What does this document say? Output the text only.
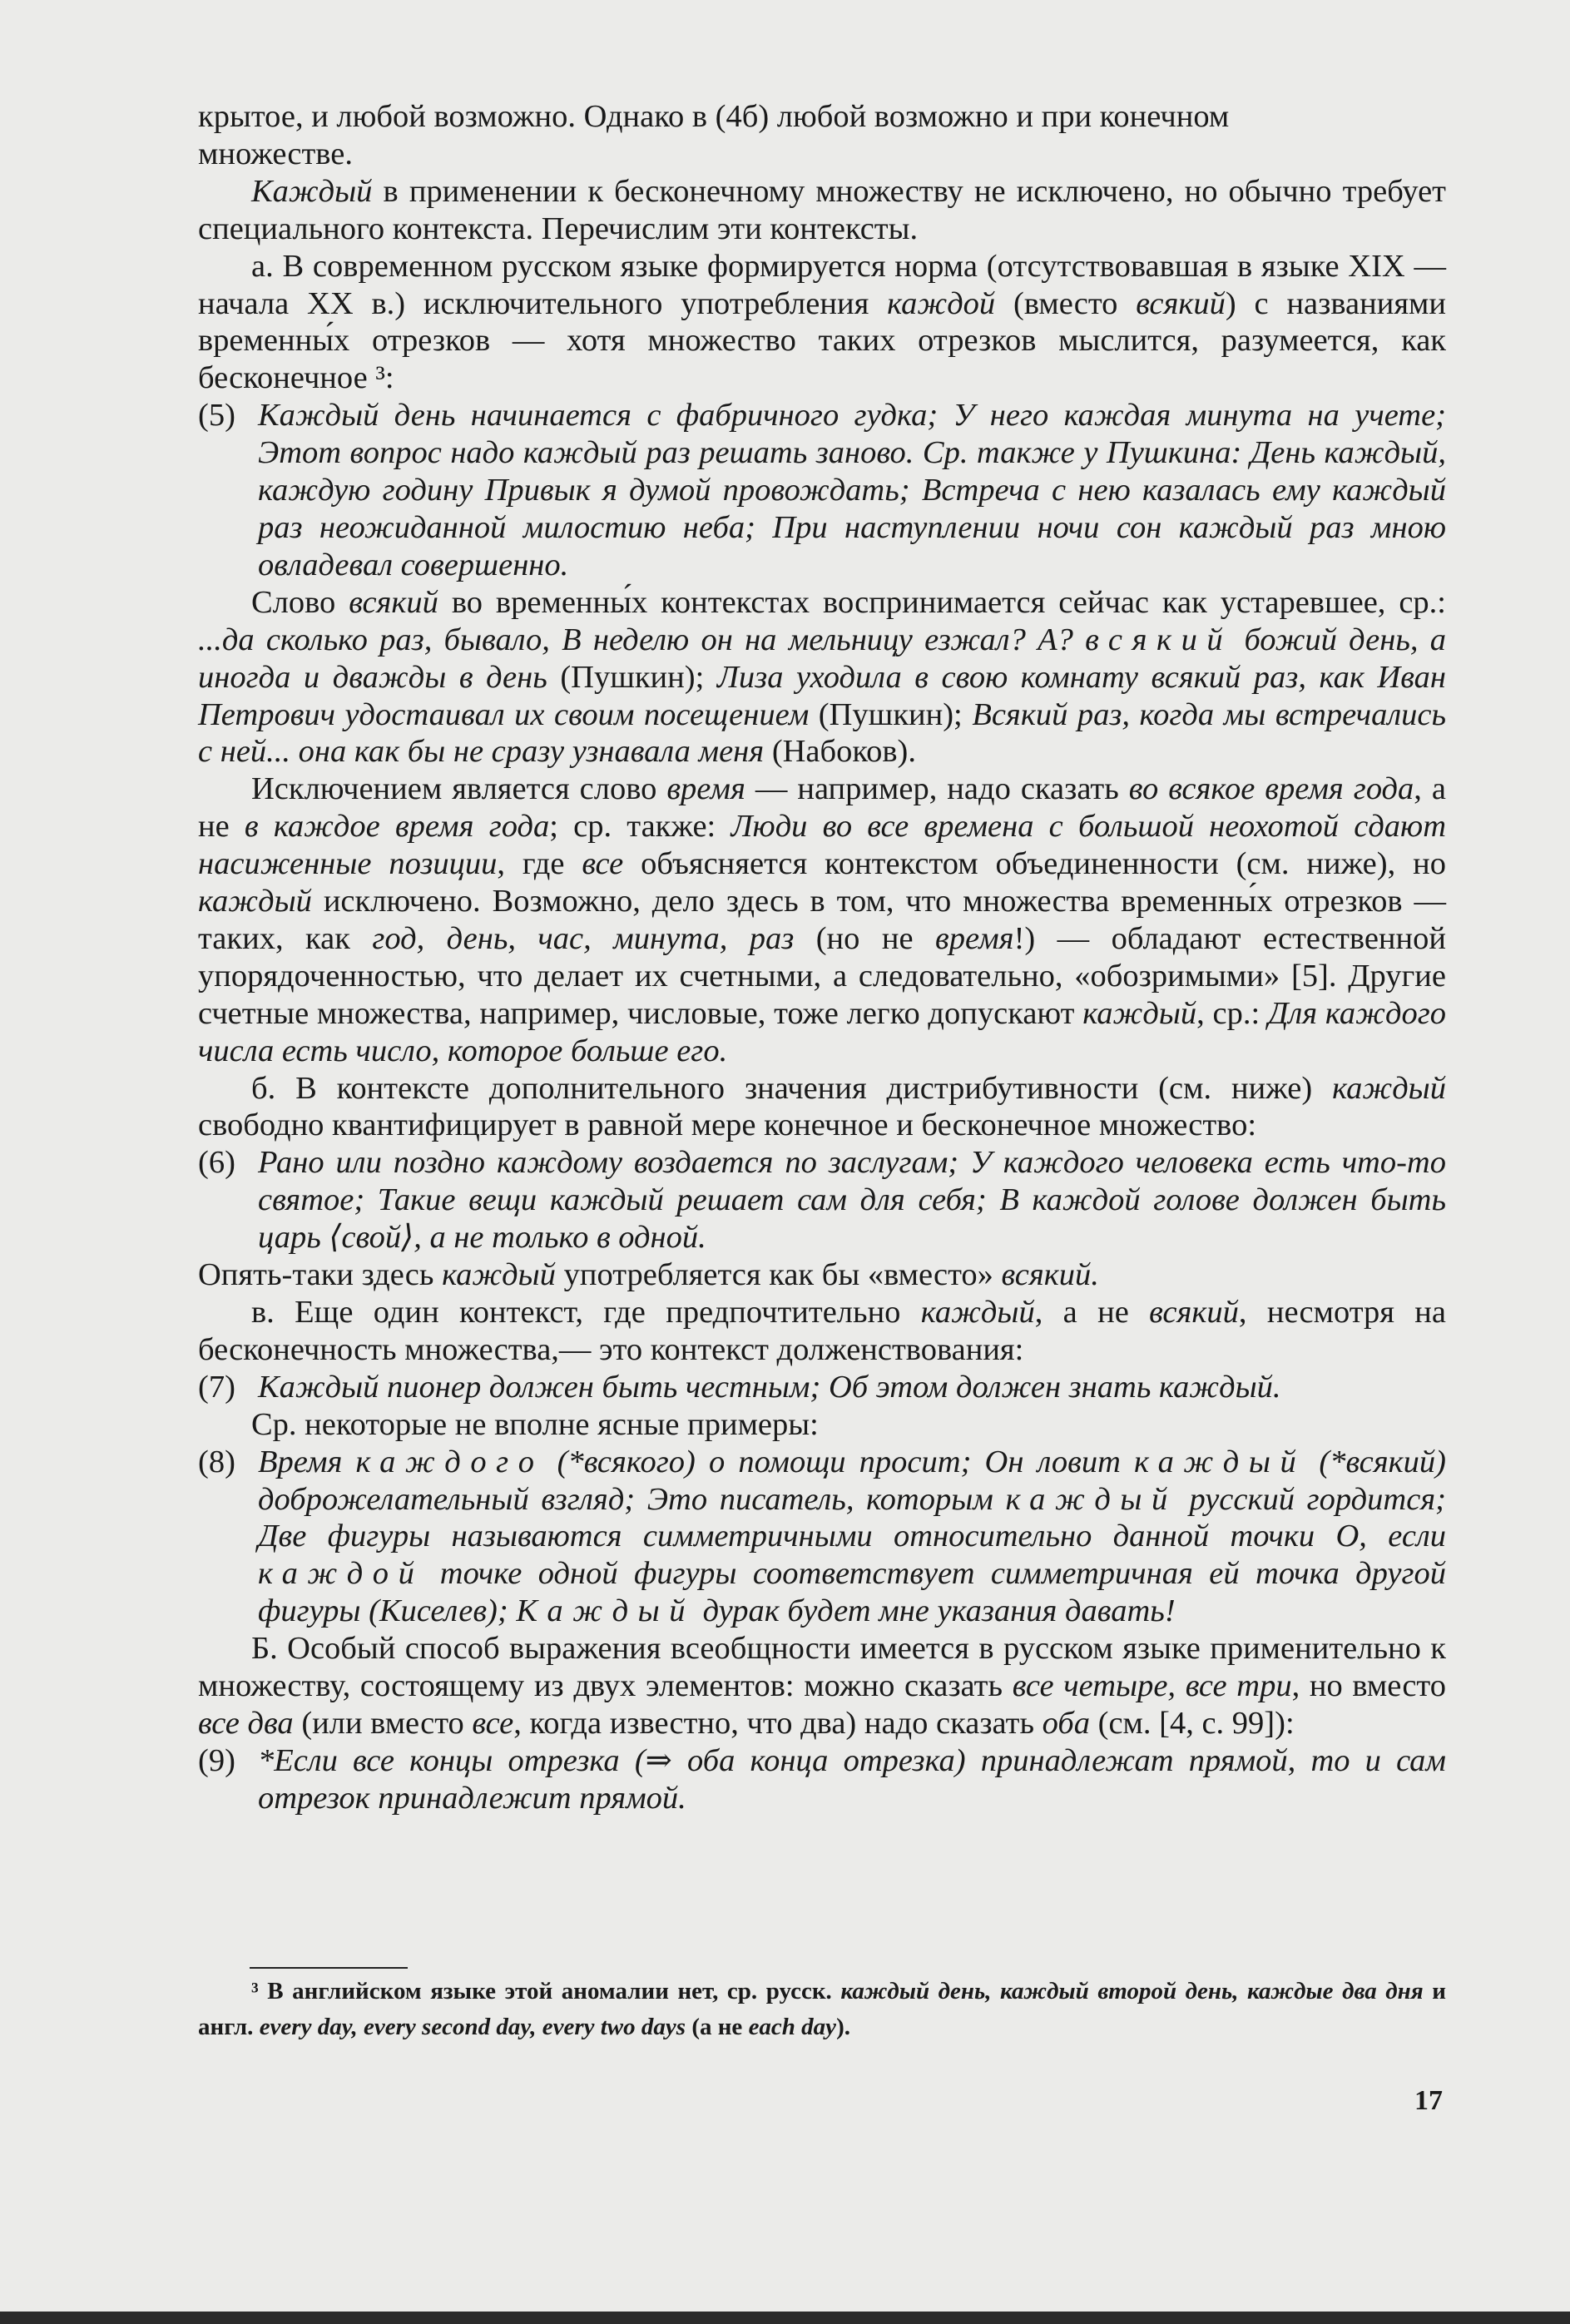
крытое, и любой возможно. Однако в (4б) любой возможно и при конечном
множестве.

Каждый в применении к бесконечному множеству не исключено, но обычно требует специального контекста. Перечислим эти контексты.

а. В современном русском языке формируется норма (отсутствовавшая в языке XIX — начала XX в.) исключительного употребления каждой (вместо всякий) с названиями временны́х отрезков — хотя множество таких отрезков мыслится, разумеется, как бесконечное ³:

(5) Каждый день начинается с фабричного гудка; У него каждая минута на учете; Этот вопрос надо каждый раз решать заново. Ср. также у Пушкина: День каждый, каждую годину Привык я думой провождать; Встреча с нею казалась ему каждый раз неожиданной милостию неба; При наступлении ночи сон каждый раз мною овладевал совершенно.

Слово всякий во временны́х контекстах воспринимается сейчас как устаревшее, ср.: ...да сколько раз, бывало, В неделю он на мельницу езжал? А? всякий божий день, а иногда и дважды в день (Пушкин); Лиза уходила в свою комнату всякий раз, как Иван Петрович удостаивал их своим посещением (Пушкин); Всякий раз, когда мы встречались с ней... она как бы не сразу узнавала меня (Набоков).

Исключением является слово время — например, надо сказать во всякое время года, а не в каждое время года; ср. также: Люди во все времена с большой неохотой сдают насиженные позиции, где все объясняется контекстом объединенности (см. ниже), но каждый исключено. Возможно, дело здесь в том, что множества временны́х отрезков — таких, как год, день, час, минута, раз (но не время!) — обладают естественной упорядоченностью, что делает их счетными, а следовательно, «обозримыми» [5]. Другие счетные множества, например, числовые, тоже легко допускают каждый, ср.: Для каждого числа есть число, которое больше его.

б. В контексте дополнительного значения дистрибутивности (см. ниже) каждый свободно квантифицирует в равной мере конечное и бесконечное множество:

(6) Рано или поздно каждому воздается по заслугам; У каждого человека есть что-то святое; Такие вещи каждый решает сам для себя; В каждой голове должен быть царь ⟨свой⟩, а не только в одной.

Опять-таки здесь каждый употребляется как бы «вместо» всякий.

в. Еще один контекст, где предпочтительно каждый, а не всякий, несмотря на бесконечность множества,— это контекст долженствования:

(7) Каждый пионер должен быть честным; Об этом должен знать каждый.

Ср. некоторые не вполне ясные примеры:

(8) Время каждого (*всякого) о помощи просит; Он ловит каждый (*всякий) доброжелательный взгляд; Это писатель, которым каждый русский гордится; Две фигуры называются симметричными относительно данной точки O, если каждой точке одной фигуры соответствует симметричная ей точка другой фигуры (Киселев); Каждый дурак будет мне указания давать!

Б. Особый способ выражения всеобщности имеется в русском языке применительно к множеству, состоящему из двух элементов: можно сказать все четыре, все три, но вместо все два (или вместо все, когда известно, что два) надо сказать оба (см. [4, с. 99]):

(9) *Если все концы отрезка (⇒ оба конца отрезка) принадлежат прямой, то и сам отрезок принадлежит прямой.
³ В английском языке этой аномалии нет, ср. русск. каждый день, каждый второй день, каждые два дня и англ. every day, every second day, every two days (а не each day).
17
